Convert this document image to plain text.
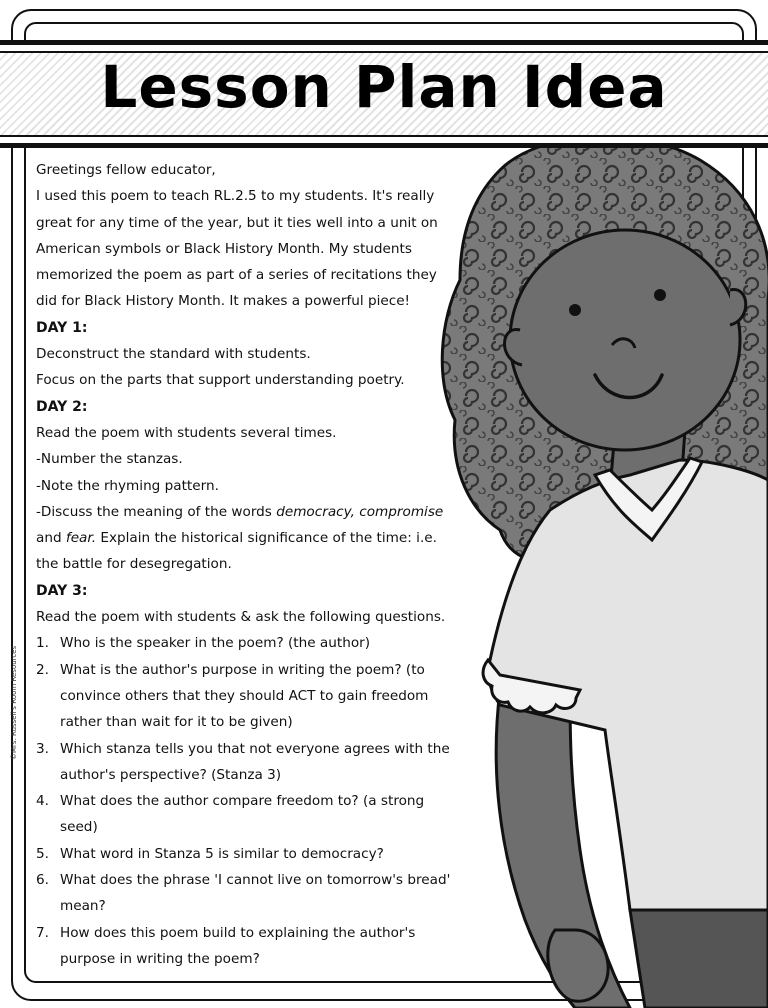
Lesson Plan Idea

Greetings fellow educator,

I used this poem to teach RL.2.5 to my students. It's really great for any time of the year, but it ties well into a unit on American symbols or Black History Month. My students memorized the poem as part of a series of recitations they did for Black History Month. It makes a powerful piece!

DAY 1:

Deconstruct the standard with students.

Focus on the parts that support understanding poetry.

DAY 2:

Read the poem with students several times.

-Number the stanzas.

-Note the rhyming pattern.

-Discuss the meaning of the words democracy, compromise and fear. Explain the historical significance of the time: i.e. the battle for desegregation.

DAY 3:

Read the poem with students & ask the following questions.

1. Who is the speaker in the poem? (the author)
2. What is the author's purpose in writing the poem? (to convince others that they should ACT to gain freedom rather than wait for it to be given)
3. Which stanza tells you that not everyone agrees with the author's perspective? (Stanza 3)
4. What does the author compare freedom to? (a strong seed)
5. What word in Stanza 5 is similar to democracy?
6. What does the phrase 'I cannot live on tomorrow's bread' mean?
7. How does this poem build to explaining the author's purpose in writing the poem?
©Mrs. Russell's Room Resources
